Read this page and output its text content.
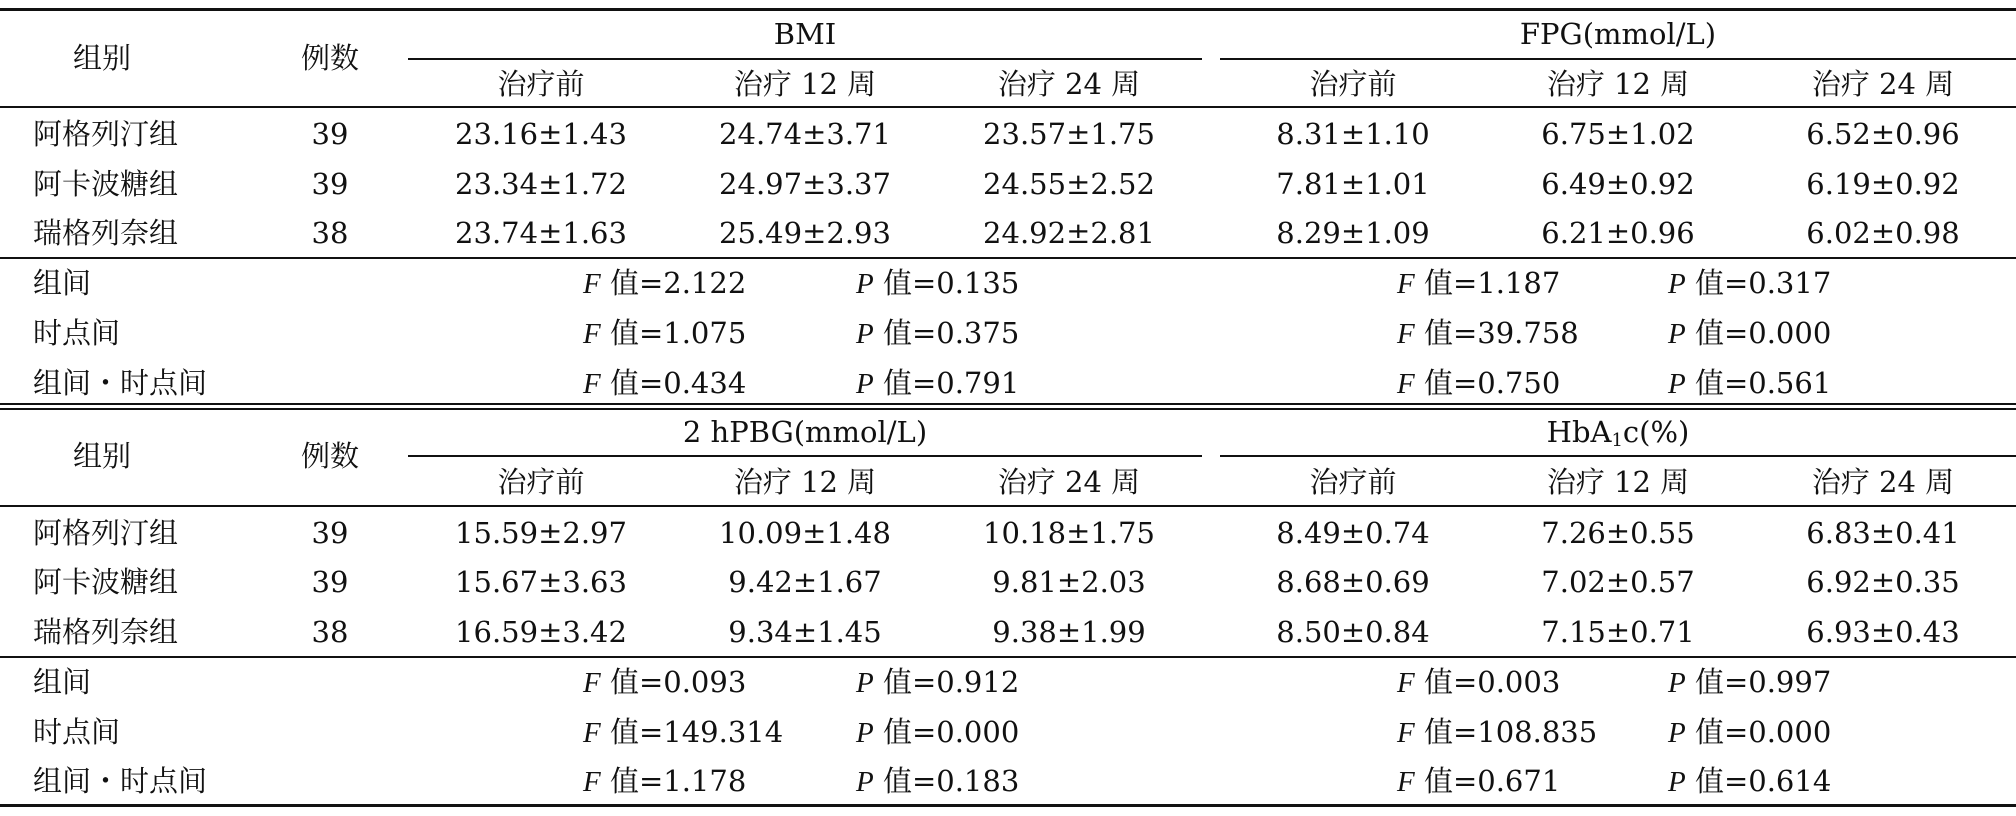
组别	例数
BMI	FPG(mmol/L)
治疗前	治疗 12 周	治疗 24 周	治疗前	治疗 12 周	治疗 24 周
阿格列汀组	39	23.16±1.43	24.74±3.71	23.57±1.75	8.31±1.10	6.75±1.02	6.52±0.96
阿卡波糖组	39	23.34±1.72	24.97±3.37	24.55±2.52	7.81±1.01	6.49±0.92	6.19±0.92
瑞格列奈组	38	23.74±1.63	25.49±2.93	24.92±2.81	8.29±1.09	6.21±0.96	6.02±0.98
组间	F 值=2.122	P 值=0.135	F 值=1.187	P 值=0.317
时点间	F 值=1.075	P 值=0.375	F 值=39.758	P 值=0.000
组间・时点间	F 值=0.434	P 值=0.791	F 值=0.750	P 值=0.561
组别	例数
2 hPBG(mmol/L)	HbA$_1$c(%)
治疗前	治疗 12 周	治疗 24 周	治疗前	治疗 12 周	治疗 24 周
阿格列汀组	39	15.59±2.97	10.09±1.48	10.18±1.75	8.49±0.74	7.26±0.55	6.83±0.41
阿卡波糖组	39	15.67±3.63	9.42±1.67	9.81±2.03	8.68±0.69	7.02±0.57	6.92±0.35
瑞格列奈组	38	16.59±3.42	9.34±1.45	9.38±1.99	8.50±0.84	7.15±0.71	6.93±0.43
组间	F 值=0.093	P 值=0.912	F 值=0.003	P 值=0.997
时点间	F 值=149.314	P 值=0.000	F 值=108.835 P 值=0.000
组间・时点间	F 值=1.178	P 值=0.183	F 值=0.671	P 值=0.614
